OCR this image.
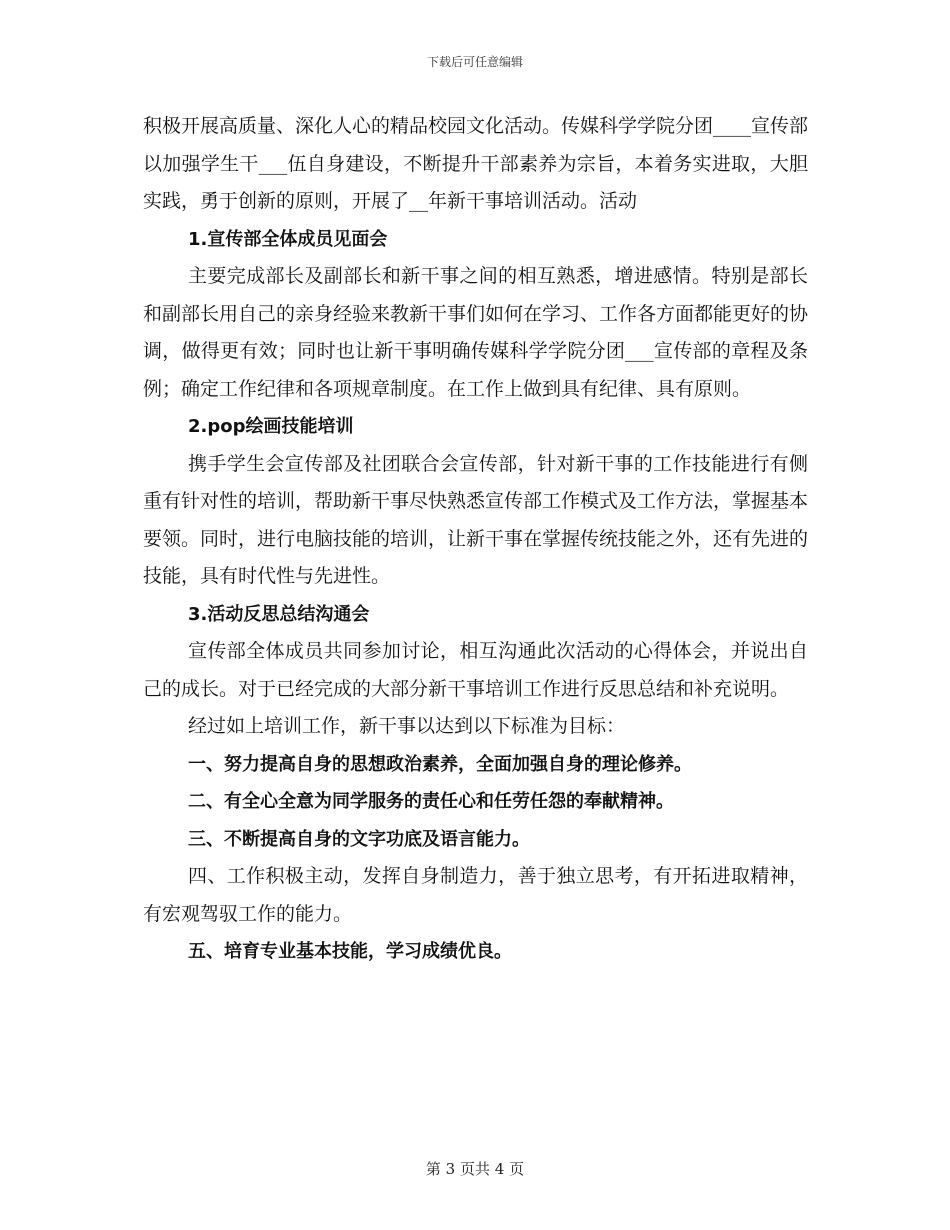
下载后可任意编辑

积极开展高质量、深化人心的精品校园文化活动。传媒科学学院分团____宣传部以加强学生干___伍自身建设，不断提升干部素养为宗旨，本着务实进取，大胆实践，勇于创新的原则，开展了__年新干事培训活动。活动

1.宣传部全体成员见面会

主要完成部长及副部长和新干事之间的相互熟悉，增进感情。特别是部长和副部长用自己的亲身经验来教新干事们如何在学习、工作各方面都能更好的协调，做得更有效；同时也让新干事明确传媒科学学院分团___宣传部的章程及条例；确定工作纪律和各项规章制度。在工作上做到具有纪律、具有原则。

2.pop绘画技能培训

携手学生会宣传部及社团联合会宣传部，针对新干事的工作技能进行有侧重有针对性的培训，帮助新干事尽快熟悉宣传部工作模式及工作方法，掌握基本要领。同时，进行电脑技能的培训，让新干事在掌握传统技能之外，还有先进的技能，具有时代性与先进性。

3.活动反思总结沟通会

宣传部全体成员共同参加讨论，相互沟通此次活动的心得体会，并说出自己的成长。对于已经完成的大部分新干事培训工作进行反思总结和补充说明。

经过如上培训工作，新干事以达到以下标准为目标：

一、努力提高自身的思想政治素养，全面加强自身的理论修养。

二、有全心全意为同学服务的责任心和任劳任怨的奉献精神。

三、不断提高自身的文字功底及语言能力。

四、工作积极主动，发挥自身制造力，善于独立思考，有开拓进取精神，有宏观驾驭工作的能力。

五、培育专业基本技能，学习成绩优良。

第 3 页共 4 页
